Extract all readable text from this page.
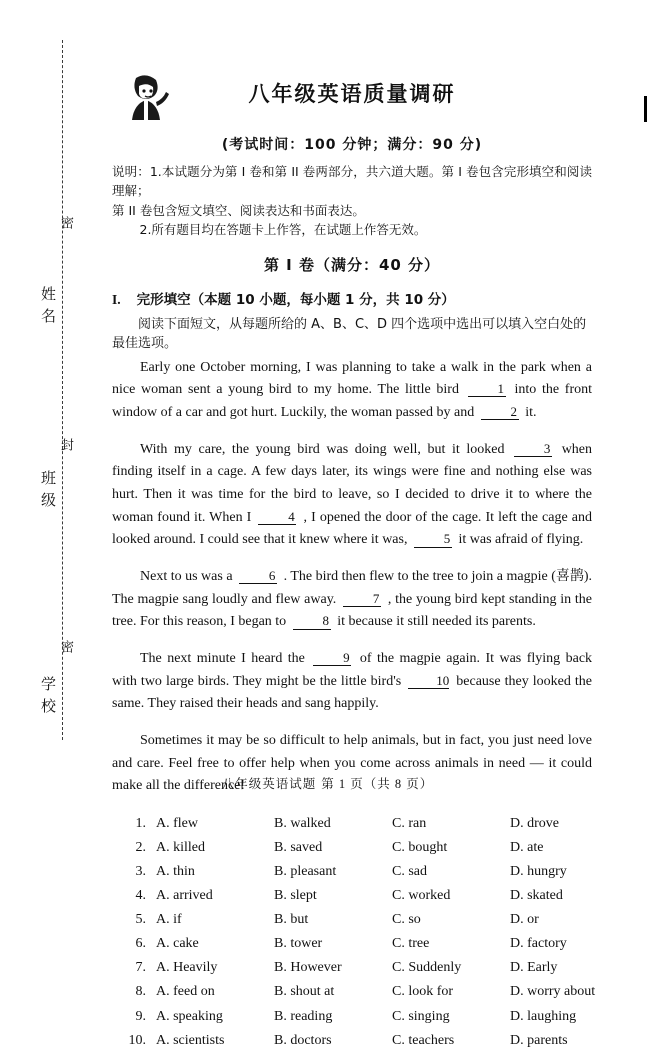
密
姓名
封
班级
密
学校
八年级英语质量调研
(考试时间：100 分钟；满分：90 分)
说明：1.本试题分为第 I 卷和第 II 卷两部分，共六道大题。第 I 卷包含完形填空和阅读理解；
第 II 卷包含短文填空、阅读表达和书面表达。
2.所有题目均在答题卡上作答，在试题上作答无效。
第 I 卷（满分：40 分）
I. 完形填空（本题 10 小题，每小题 1 分，共 10 分）
阅读下面短文，从每题所给的 A、B、C、D 四个选项中选出可以填入空白处的最佳选项。

Early one October morning, I was planning to take a walk in the park when a nice woman sent a young bird to my home. The little bird	1 into the front window of a car and got hurt. Luckily, the woman passed by and	2 it.

With my care, the young bird was doing well, but it looked	3 when finding itself in a cage. A few days later, its wings were fine and nothing else was hurt. Then it was time for the bird to leave, so I decided to drive it to where the woman found it. When I	4 , I opened the door of the cage. It left the cage and looked around. I could see that it knew where it was,	5 it was afraid of flying.

Next to us was a	6 . The bird then flew to the tree to join a magpie (喜鹊). The magpie sang loudly and flew away.	7 , the young bird kept standing in the tree. For this reason, I began to	8 it because it still needed its parents.

The next minute I heard the	9 of the magpie again. It was flying back with two large birds. They might be the little bird's	10 because they looked the same. They raised their heads and sang happily.

Sometimes it may be so difficult to help animals, but in fact, you just need love and care. Feel free to offer help when you come across animals in need — it could make all the difference!

1. A. flew	B. walked	C. ran	D. drove
2. A. killed	B. saved	C. bought	D. ate
3. A. thin	B. pleasant	C. sad	D. hungry
4. A. arrived	B. slept	C. worked	D. skated
5. A. if	B. but	C. so	D. or
6. A. cake	B. tower	C. tree	D. factory
7. A. Heavily	B. However	C. Suddenly	D. Early
8. A. feed on	B. shout at	C. look for	D. worry about
9. A. speaking	B. reading	C. singing	D. laughing
10. A. scientists	B. doctors	C. teachers	D. parents
八年级英语试题 第 1 页（共 8 页）
